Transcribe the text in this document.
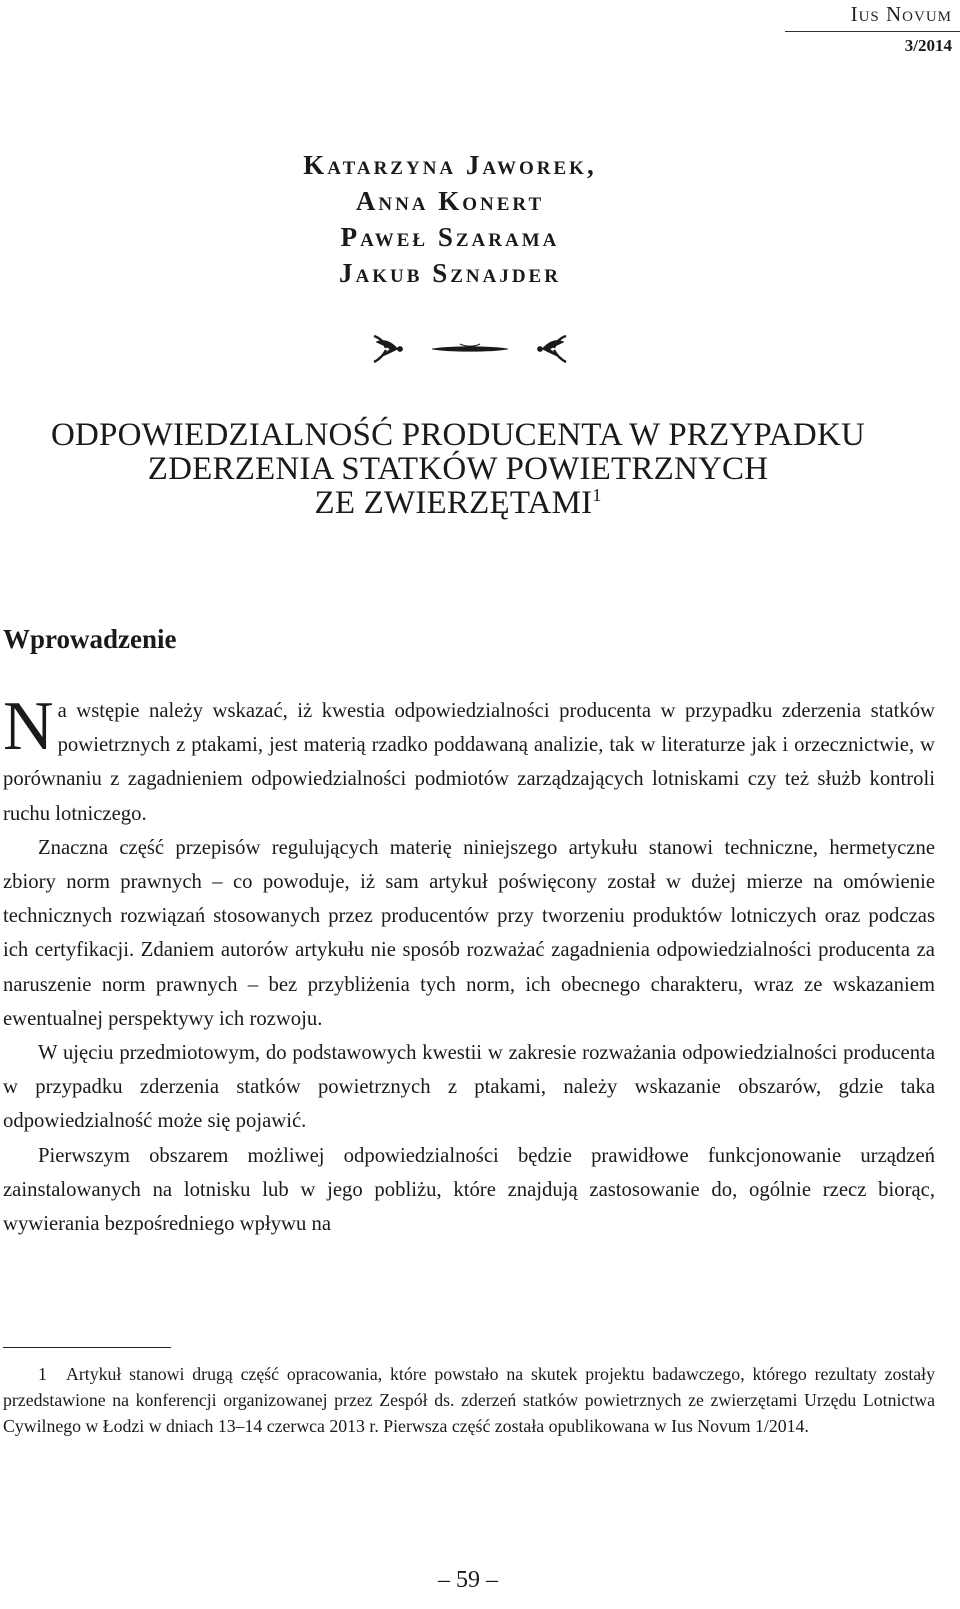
Ius Novum
3/2014
Katarzyna Jaworek,
Anna Konert
Paweł Szarama
Jakub Sznajder
ODPOWIEDZIALNOŚĆ PRODUCENTA W PRZYPADKU
ZDERZENIA STATKÓW POWIETRZNYCH
ZE ZWIERZĘTAMI$^1$
Wprowadzenie

Na wstępie należy wskazać, iż kwestia odpowiedzialności producenta w przypadku zderzenia statków powietrznych z ptakami, jest materią rzadko poddawaną analizie, tak w literaturze jak i orzecznictwie, w porównaniu z zagadnieniem odpowiedzialności podmiotów zarządzających lotniskami czy też służb kontroli ruchu lotniczego.

Znaczna część przepisów regulujących materię niniejszego artykułu stanowi techniczne, hermetyczne zbiory norm prawnych – co powoduje, iż sam artykuł poświęcony został w dużej mierze na omówienie technicznych rozwiązań stosowanych przez producentów przy tworzeniu produktów lotniczych oraz podczas ich certyfikacji. Zdaniem autorów artykułu nie sposób rozważać zagadnienia odpowiedzialności producenta za naruszenie norm prawnych – bez przybliżenia tych norm, ich obecnego charakteru, wraz ze wskazaniem ewentualnej perspektywy ich rozwoju.

W ujęciu przedmiotowym, do podstawowych kwestii w zakresie rozważania odpowiedzialności producenta w przypadku zderzenia statków powietrznych z ptakami, należy wskazanie obszarów, gdzie taka odpowiedzialność może się pojawić.

Pierwszym obszarem możliwej odpowiedzialności będzie prawidłowe funkcjonowanie urządzeń zainstalowanych na lotnisku lub w jego pobliżu, które znajdują zastosowanie do, ogólnie rzecz biorąc, wywierania bezpośredniego wpływu na

1 Artykuł stanowi drugą część opracowania, które powstało na skutek projektu badawczego, którego rezultaty zostały przedstawione na konferencji organizowanej przez Zespół ds. zderzeń statków powietrznych ze zwierzętami Urzędu Lotnictwa Cywilnego w Łodzi w dniach 13–14 czerwca 2013 r. Pierwsza część została opublikowana w Ius Novum 1/2014.

– 59 –
